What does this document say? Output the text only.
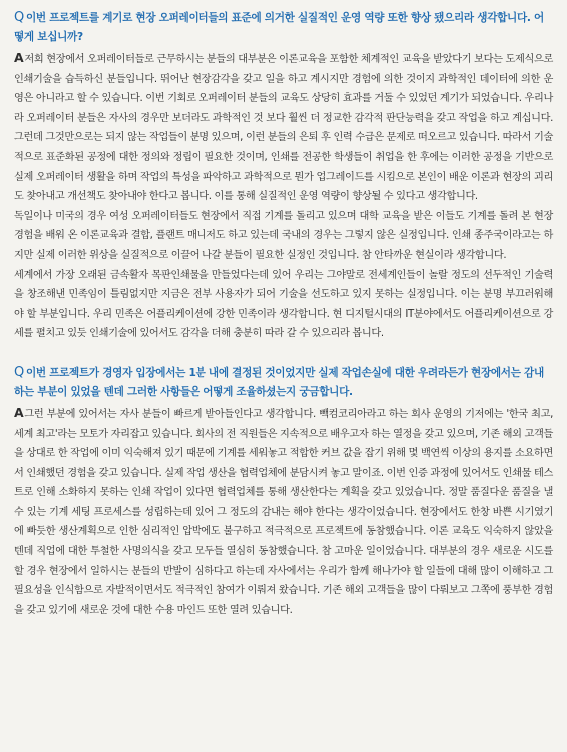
Q 이번 프로젝트를 계기로 현장 오퍼레이터들의 표준에 의거한 실질적인 운영 역량 또한 향상 됐으리라 생각합니다. 어떻게 보십니까?

A저희 현장에서 오퍼레이터들로 근무하시는 분들의 대부분은 이론교육을 포함한 체계적인 교육을 받았다기 보다는 도제식으로 인쇄기술을 습득하신 분들입니다. 뛰어난 현장감각을 갖고 일을 하고 계시지만 경험에 의한 것이지 과학적인 데이터에 의한 운영은 아니라고 할 수 있습니다. 이번 기회로 오퍼레이터 분들의 교육도 상당히 효과를 거둘 수 있었던 계기가 되었습니다. 우리나라 오퍼레이터 분들은 자사의 경우만 보더라도 과학적인 것 보다 훨씬 더 정교한 감각적 판단능력을 갖고 작업을 하고 계십니다. 그런데 그것만으로는 되지 않는 작업들이 분명 있으며, 이런 분들의 은퇴 후 인력 수급은 문제로 떠오르고 있습니다. 따라서 기술적으로 표준화된 공정에 대한 정의와 정립이 필요한 것이며, 인쇄를 전공한 학생들이 취업을 한 후에는 이러한 공정을 기반으로 실제 오퍼레이터 생활을 하며 작업의 특성을 파악하고 과학적으로 뭔가 업그레이드를 시킴으로 본인이 배운 이론과 현장의 괴리도 찾아내고 개선책도 찾아내야 한다고 봅니다. 이를 통해 실질적인 운영 역량이 향상될 수 있다고 생각합니다.

독일이나 미국의 경우 여성 오퍼레이터들도 현장에서 직접 기계를 돌리고 있으며 대학 교육을 받은 이들도 기계를 돌려 본 현장경험을 배워 온 이론교육과 결합, 플랜트 매니저도 하고 있는데 국내의 경우는 그렇지 않은 실정입니다. 인쇄 종주국이라고는 하지만 실제 이러한 위상을 실질적으로 이끌어 나갈 분들이 필요한 실정인 것입니다. 참 안타까운 현실이라 생각합니다.

세계에서 가장 오래된 금속활자 목판인쇄물을 만들었다는데 있어 우리는 그야말로 전세계인들이 놀랄 정도의 선두적인 기술력을 창조해낸 민족임이 틀림없지만 지금은 전부 사용자가 되어 기술을 선도하고 있지 못하는 실정입니다. 이는 분명 부끄러워해야 할 부분입니다. 우리 민족은 어플리케이션에 강한 민족이라 생각합니다. 현 디지털시대의 IT분야에서도 어플리케이션으로 강세를 펼치고 있듯 인쇄기술에 있어서도 감각을 더해 충분히 따라 갈 수 있으리라 봅니다.

Q 이번 프로젝트가 경영자 입장에서는 1분 내에 결정된 것이었지만 실제 작업손실에 대한 우려라든가 현장에서는 감내하는 부분이 있었을 텐데 그러한 사항들은 어떻게 조율하셨는지 궁금합니다.

A그런 부분에 있어서는 자사 분들이 빠르게 받아들인다고 생각합니다. 빽컴코리아라고 하는 회사 운영의 기저에는 '한국 최고, 세계 최고'라는 모토가 자리잡고 있습니다. 회사의 전 직원들은 지속적으로 배우고자 하는 열정을 갖고 있으며, 기존 해외 고객들을 상대로 한 작업에 이미 익숙해져 있기 때문에 기계를 세워놓고 적합한 커브 값을 잡기 위해 몇 백연씩 이상의 용지를 소요하면서 인쇄했던 경험을 갖고 있습니다. 실제 작업 생산을 협력업체에 분담시켜 놓고 말이죠. 이번 인증 과정에 있어서도 인쇄물 테스트로 인해 소화하지 못하는 인쇄 작업이 있다면 협력업체를 통해 생산한다는 계획을 갖고 있었습니다. 정말 품질다운 품질을 낼 수 있는 기계 세팅 프로세스를 성립하는데 있어 그 정도의 감내는 해야 한다는 생각이었습니다. 현장에서도 한창 바쁜 시기였기에 빠듯한 생산계획으로 인한 심리적인 압박에도 불구하고 적극적으로 프로젝트에 동참했습니다. 이론 교육도 익숙하지 않았을텐데 직업에 대한 투철한 사명의식을 갖고 모두들 열심히 동참했습니다. 참 고마운 일이었습니다. 대부분의 경우 새로운 시도를 할 경우 현장에서 일하시는 분들의 반발이 심하다고 하는데 자사에서는 우리가 함께 해나가야 할 일들에 대해 많이 이해하고 그 필요성을 인식함으로 자발적이면서도 적극적인 참여가 이뤄져 왔습니다. 기존 해외 고객들을 많이 다뤄보고 그쪽에 풍부한 경험을 갖고 있기에 새로운 것에 대한 수용 마인드 또한 열려 있습니다.
